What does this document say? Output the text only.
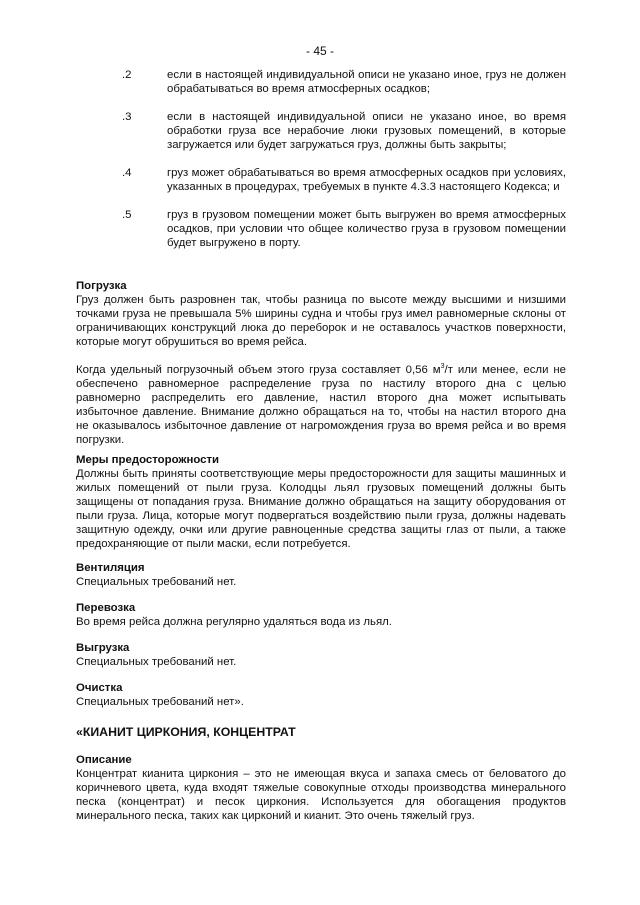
- 45 -
.2	если в настоящей индивидуальной описи не указано иное, груз не должен обрабатываться во время атмосферных осадков;
.3	если в настоящей индивидуальной описи не указано иное, во время обработки груза все нерабочие люки грузовых помещений, в которые загружается или будет загружаться груз, должны быть закрыты;
.4	груз может обрабатываться во время атмосферных осадков при условиях, указанных в процедурах, требуемых в пункте 4.3.3 настоящего Кодекса; и
.5	груз в грузовом помещении может быть выгружен во время атмосферных осадков, при условии что общее количество груза в грузовом помещении будет выгружено в порту.
Погрузка
Груз должен быть разровнен так, чтобы разница по высоте между высшими и низшими точками груза не превышала 5% ширины судна и чтобы груз имел равномерные склоны от ограничивающих конструкций люка до переборок и не оставалось участков поверхности, которые могут обрушиться во время рейса.
Когда удельный погрузочный объем этого груза составляет 0,56 $м^3/т$ или менее, если не обеспечено равномерное распределение груза по настилу второго дна с целью равномерно распределить его давление, настил второго дна может испытывать избыточное давление. Внимание должно обращаться на то, чтобы на настил второго дна не оказывалось избыточное давление от нагромождения груза во время рейса и во время погрузки.
Меры предосторожности
Должны быть приняты соответствующие меры предосторожности для защиты машинных и жилых помещений от пыли груза. Колодцы льял грузовых помещений должны быть защищены от попадания груза. Внимание должно обращаться на защиту оборудования от пыли груза. Лица, которые могут подвергаться воздействию пыли груза, должны надевать защитную одежду, очки или другие равноценные средства защиты глаз от пыли, а также предохраняющие от пыли маски, если потребуется.
Вентиляция
Специальных требований нет.
Перевозка
Во время рейса должна регулярно удаляться вода из льял.
Выгрузка
Специальных требований нет.
Очистка
Специальных требований нет».
«КИАНИТ ЦИРКОНИЯ, КОНЦЕНТРАТ
Описание
Концентрат кианита циркония – это не имеющая вкуса и запаха смесь от беловатого до коричневого цвета, куда входят тяжелые совокупные отходы производства минерального песка (концентрат) и песок циркония. Используется для обогащения продуктов минерального песка, таких как цирконий и кианит. Это очень тяжелый груз.
